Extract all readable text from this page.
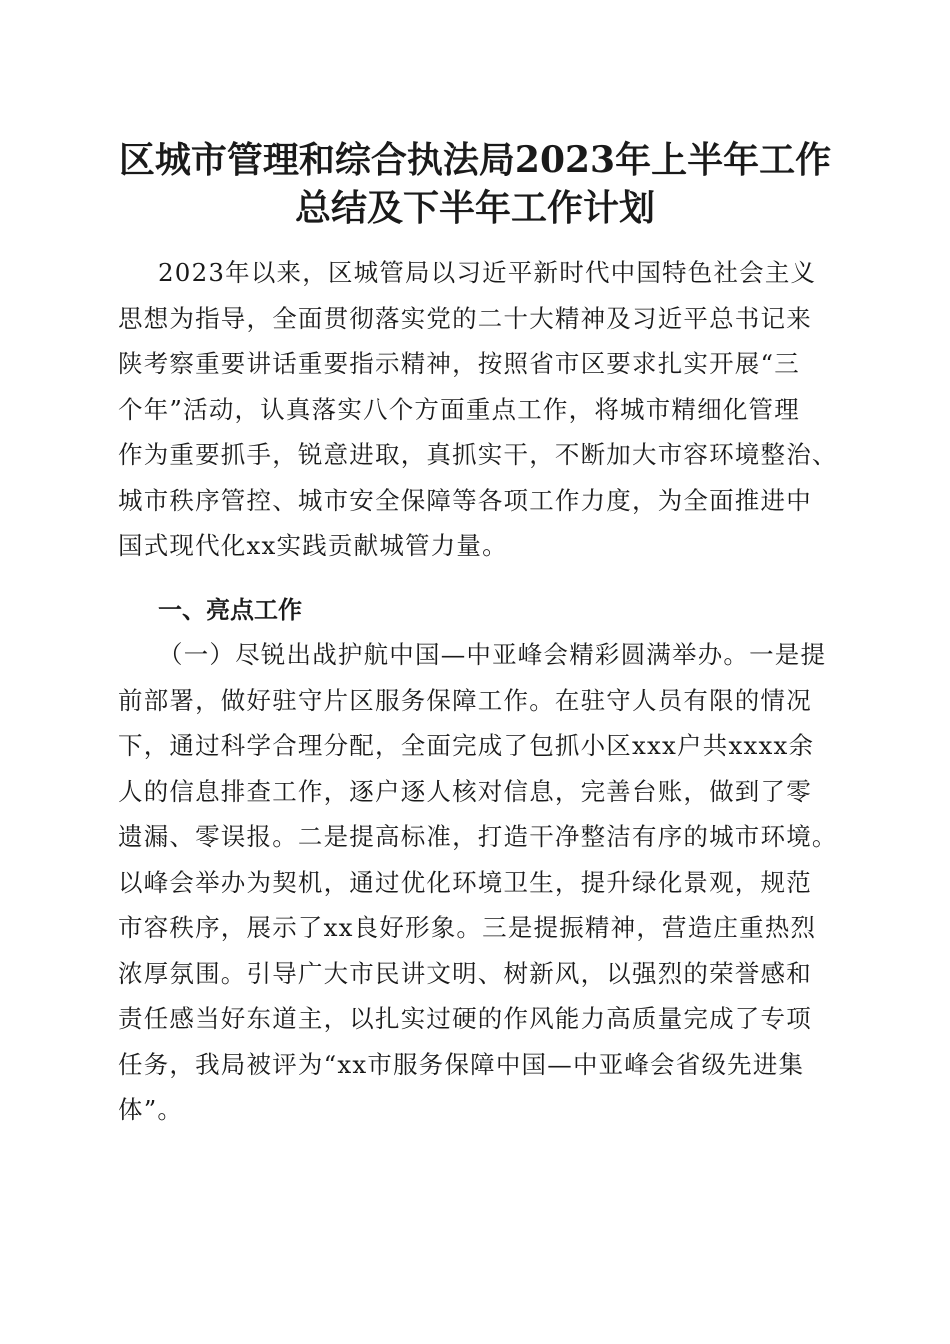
区城市管理和综合执法局2023年上半年工作
总结及下半年工作计划
2023年以来，区城管局以习近平新时代中国特色社会主义
思想为指导，全面贯彻落实党的二十大精神及习近平总书记来
陕考察重要讲话重要指示精神，按照省市区要求扎实开展“三
个年”活动，认真落实八个方面重点工作，将城市精细化管理
作为重要抓手，锐意进取，真抓实干，不断加大市容环境整治、
城市秩序管控、城市安全保障等各项工作力度，为全面推进中
国式现代化xx实践贡献城管力量。
一、亮点工作
（一）尽锐出战护航中国—中亚峰会精彩圆满举办。一是提
前部署，做好驻守片区服务保障工作。在驻守人员有限的情况
下，通过科学合理分配，全面完成了包抓小区xxx户共xxxx余
人的信息排查工作，逐户逐人核对信息，完善台账，做到了零
遗漏、零误报。二是提高标准，打造干净整洁有序的城市环境。
以峰会举办为契机，通过优化环境卫生，提升绿化景观，规范
市容秩序，展示了xx良好形象。三是提振精神，营造庄重热烈
浓厚氛围。引导广大市民讲文明、树新风，以强烈的荣誉感和
责任感当好东道主，以扎实过硬的作风能力高质量完成了专项
任务，我局被评为“xx市服务保障中国—中亚峰会省级先进集
体”。
